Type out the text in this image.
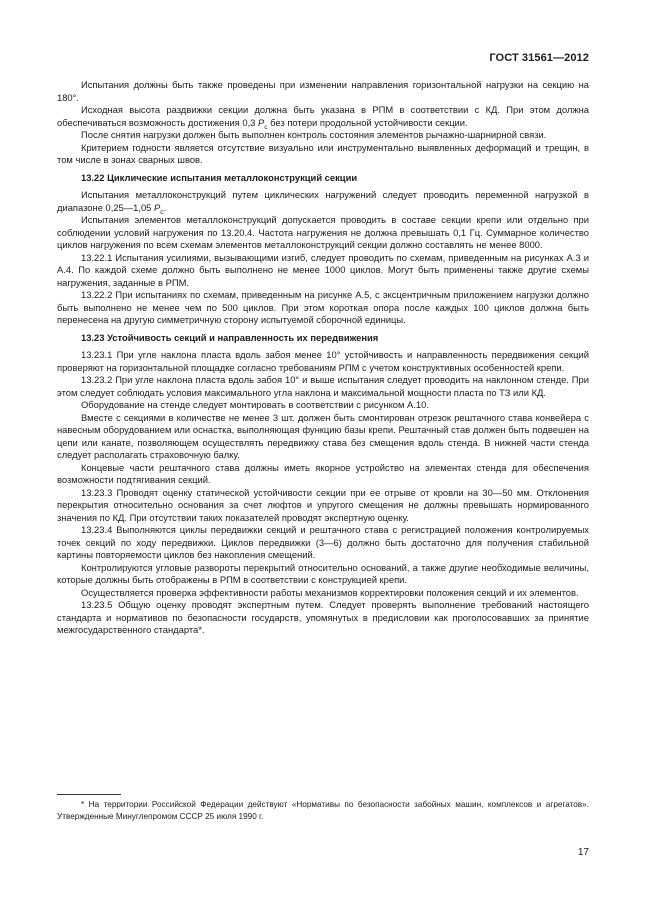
ГОСТ 31561—2012

Испытания должны быть также проведены при изменении направления горизонтальной нагрузки на секцию на 180°.

Исходная высота раздвижки секции должна быть указана в РПМ в соответствии с КД. При этом должна обеспечиваться возможность достижения 0,3 $P_c$ без потери продольной устойчивости секции.

После снятия нагрузки должен быть выполнен контроль состояния элементов рычажно-шарнирной связи.

Критерием годности является отсутствие визуально или инструментально выявленных деформаций и трещин, в том числе в зонах сварных швов.

13.22 Циклические испытания металлоконструкций секции

Испытания металлоконструкций путем циклических нагружений следует проводить переменной нагрузкой в диапазоне 0,25—1,05 $P_c$.

Испытания элементов металлоконструкций допускается проводить в составе секции крепи или отдельно при соблюдении условий нагружения по 13.20.4. Частота нагружения не должна превышать 0,1 Гц. Суммарное количество циклов нагружения по всем схемам элементов металлоконструкций секции должно составлять не менее 8000.

13.22.1 Испытания усилиями, вызывающими изгиб, следует проводить по схемам, приведенным на рисунках А.3 и А.4. По каждой схеме должно быть выполнено не менее 1000 циклов. Могут быть применены также другие схемы нагружения, заданные в РПМ.

13.22.2 При испытаниях по схемам, приведенным на рисунке А.5, с эксцентричным приложением нагрузки должно быть выполнено не менее чем по 500 циклов. При этом короткая опора после каждых 100 циклов должна быть перенесена на другую симметричную сторону испытуемой сборочной единицы.

13.23 Устойчивость секций и направленность их передвижения

13.23.1 При угле наклона пласта вдоль забоя менее 10° устойчивость и направленность передвижения секций проверяют на горизонтальной площадке согласно требованиям РПМ с учетом конструктивных особенностей крепи.

13.23.2 При угле наклона пласта вдоль забоя 10° и выше испытания следует проводить на наклонном стенде. При этом следует соблюдать условия максимального угла наклона и максимальной мощности пласта по ТЗ или КД.

Оборудование на стенде следует монтировать в соответствии с рисунком А.10.

Вместе с секциями в количестве не менее 3 шт. должен быть смонтирован отрезок рештачного става конвейера с навесным оборудованием или оснастка, выполняющая функцию базы крепи. Рештачный став должен быть подвешен на цепи или канате, позволяющем осуществлять передвижку става без смещения вдоль стенда. В нижней части стенда следует располагать страховочную балку.

Концевые части рештачного става должны иметь якорное устройство на элементах стенда для обеспечения возможности подтягивания секций.

13.23.3 Проводят оценку статической устойчивости секции при ее отрыве от кровли на 30—50 мм. Отклонения перекрытия относительно основания за счет люфтов и упругого смещения не должны превышать нормированного значения по КД. При отсутствии таких показателей проводят экспертную оценку.

13.23.4 Выполняются циклы передвижки секций и рештачного става с регистрацией положения контролируемых точек секций по ходу передвижки. Циклов передвижки (3—6) должно быть достаточно для получения стабильной картины повторяемости циклов без накопления смещений.

Контролируются угловые развороты перекрытий относительно оснований, а также другие необходимые величины, которые должны быть отображены в РПМ в соответствии с конструкцией крепи.

Осуществляется проверка эффективности работы механизмов корректировки положения секций и их элементов.

13.23.5 Общую оценку проводят экспертным путем. Следует проверять выполнение требований настоящего стандарта и нормативов по безопасности государств, упомянутых в предисловии как проголосовавших за принятие межгосударственного стандарта*.

* На территории Российской Федерации действуют «Нормативы по безопасности забойных машин, комплексов и агрегатов». Утвержденные Минуглепромом СССР 25 июля 1990 г.
17
